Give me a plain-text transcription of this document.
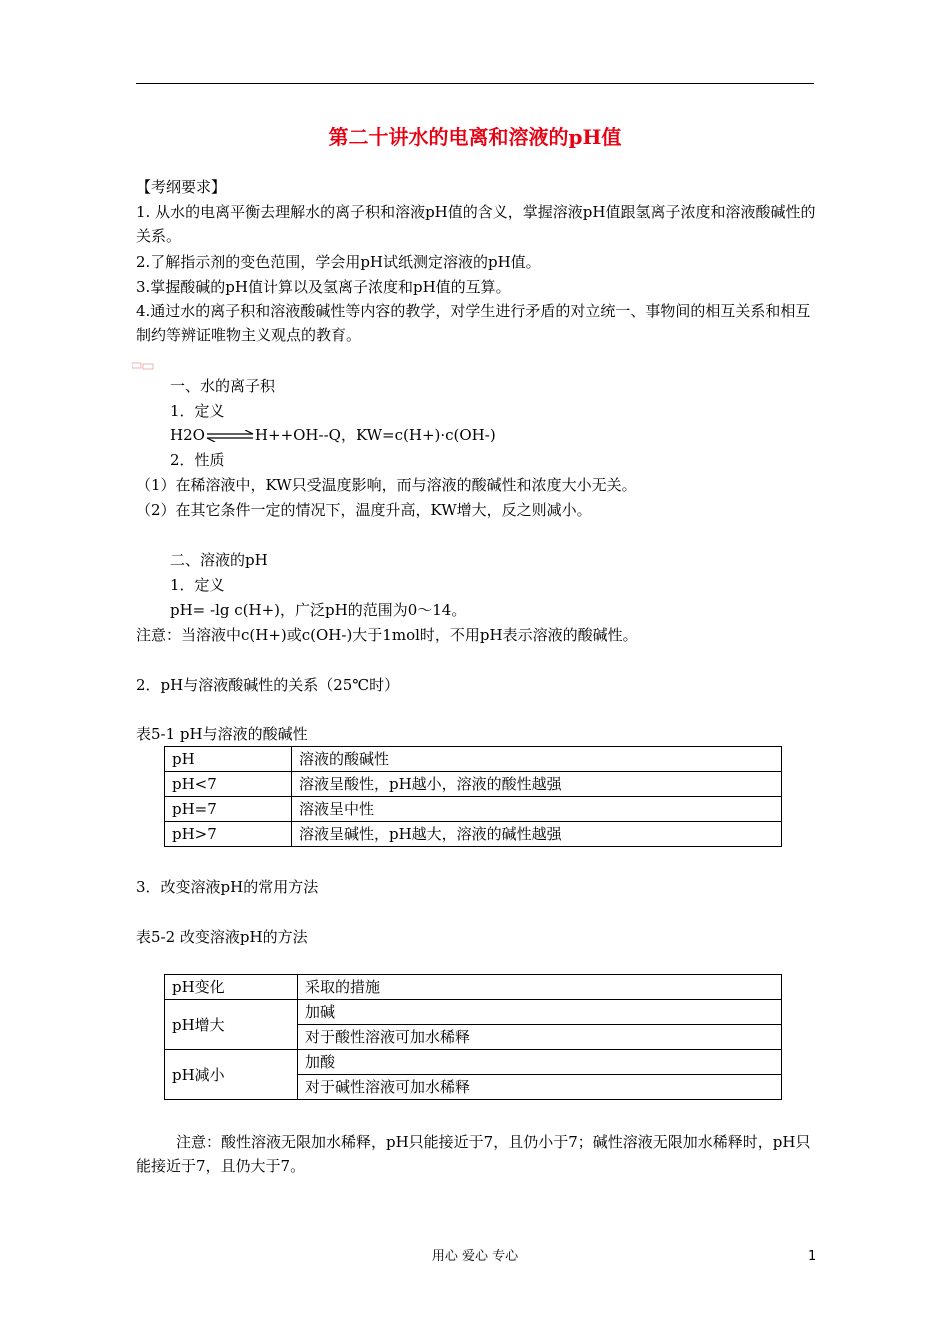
第二十讲水的电离和溶液的pH值
【考纲要求】
1. 从水的电离平衡去理解水的离子积和溶液pH值的含义，掌握溶液pH值跟氢离子浓度和溶液酸碱性的关系。
2.了解指示剂的变色范围，学会用pH试纸测定溶液的pH值。
3.掌握酸碱的pH值计算以及氢离子浓度和pH值的互算。
4.通过水的离子积和溶液酸碱性等内容的教学，对学生进行矛盾的对立统一、事物间的相互关系和相互制约等辨证唯物主义观点的教育。
一、水的离子积
1．定义
H2O⇌H++OH--Q，KW=c(H+)·c(OH-)
2．性质
（1）在稀溶液中，KW只受温度影响，而与溶液的酸碱性和浓度大小无关。
（2）在其它条件一定的情况下，温度升高，KW增大，反之则减小。
二、溶液的pH
1．定义
pH= -lg c(H+)，广泛pH的范围为0～14。
注意：当溶液中c(H+)或c(OH-)大于1mol时，不用pH表示溶液的酸碱性。
2．pH与溶液酸碱性的关系（25℃时）
表5-1 pH与溶液的酸碱性
pH	溶液的酸碱性
pH<7	溶液呈酸性，pH越小，溶液的酸性越强
pH=7	溶液呈中性
pH>7	溶液呈碱性，pH越大，溶液的碱性越强
3．改变溶液pH的常用方法
表5-2 改变溶液pH的方法
pH变化	采取的措施
pH增大	加碱
	对于酸性溶液可加水稀释
pH减小	加酸
	对于碱性溶液可加水稀释
注意：酸性溶液无限加水稀释，pH只能接近于7，且仍小于7；碱性溶液无限加水稀释时，pH只能接近于7，且仍大于7。
用心 爱心 专心	1
